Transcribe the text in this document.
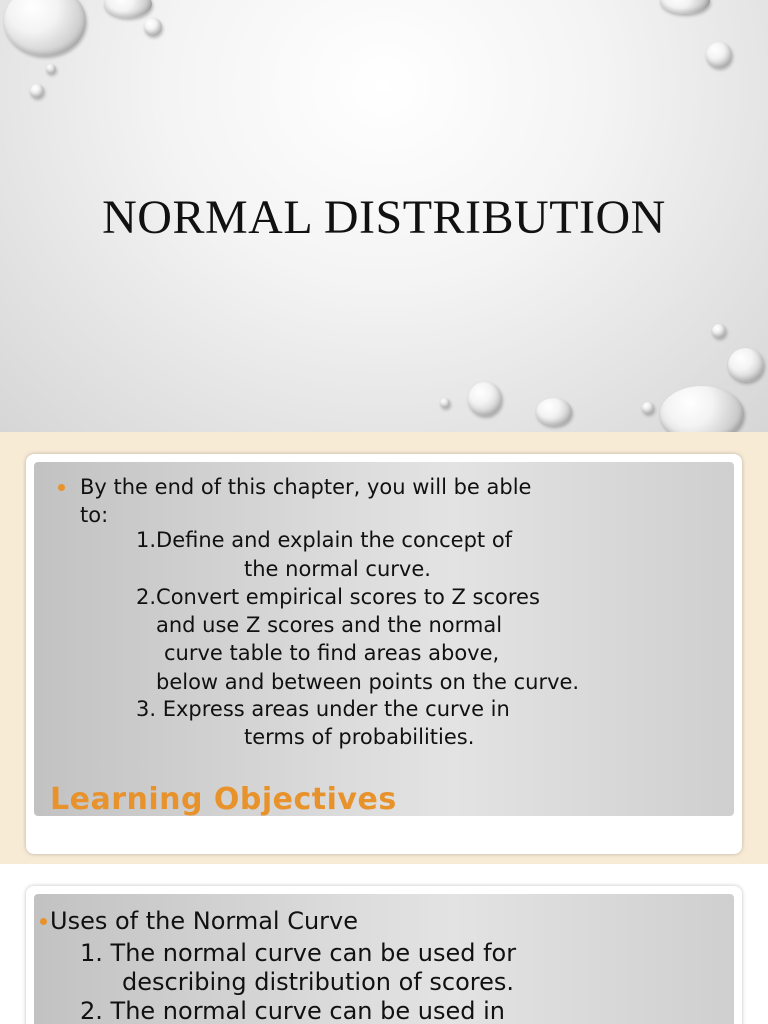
NORMAL DISTRIBUTION
By the end of this chapter, you will be able
to:
1.Define and explain the concept of
the normal curve.
2.Convert empirical scores to Z scores
and use Z scores and the normal
curve table to find areas above,
below and between points on the curve.
3. Express areas under the curve in
terms of probabilities.
Learning Objectives
Uses of the Normal Curve
1. The normal curve can be used for
describing distribution of scores.
2. The normal curve can be used in
